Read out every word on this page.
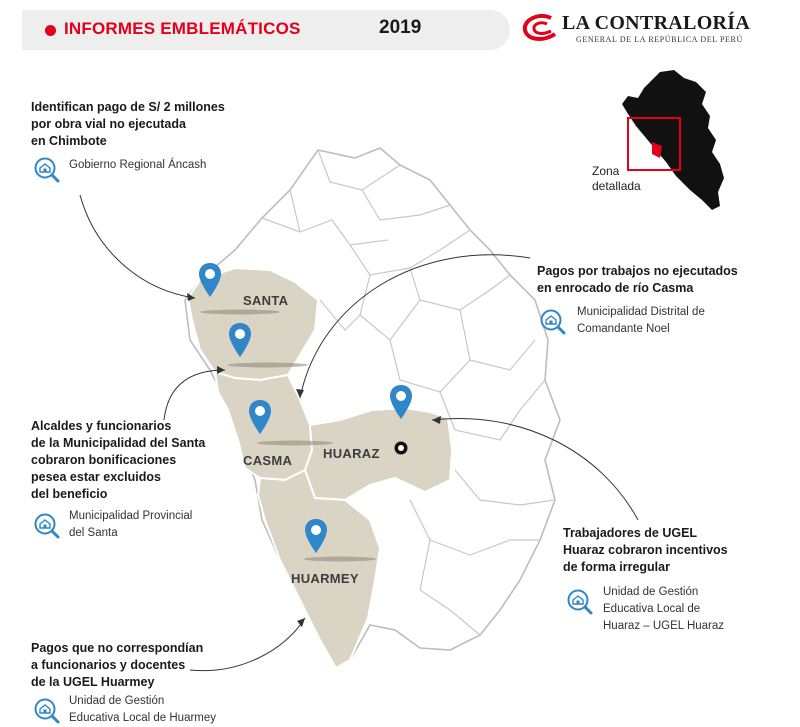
INFORMES EMBLEMÁTICOS	2019	LA CONTRALORÍA
GENERAL DE LA REPÚBLICA DEL PERÚ
SANTA
CASMA HUARAZ
HUARMEY
Zona
detallada
Identifican pago de S/ 2 millones
por obra vial no ejecutada
en Chimbote
Gobierno Regional Áncash
Pagos por trabajos no ejecutados
en enrocado de río Casma
Municipalidad Distrital de
Comandante Noel
Alcaldes y funcionarios
de la Municipalidad del Santa
cobraron bonificaciones
pesea estar excluidos
del beneficio
Municipalidad Provincial
del Santa	Trabajadores de UGEL
Huaraz cobraron incentivos
de forma irregular
Unidad de Gestión
Educativa Local de
Huaraz – UGEL Huaraz
Pagos que no correspondían
a funcionarios y docentes
de la UGEL Huarmey
Unidad de Gestión
Educativa Local de Huarmey
